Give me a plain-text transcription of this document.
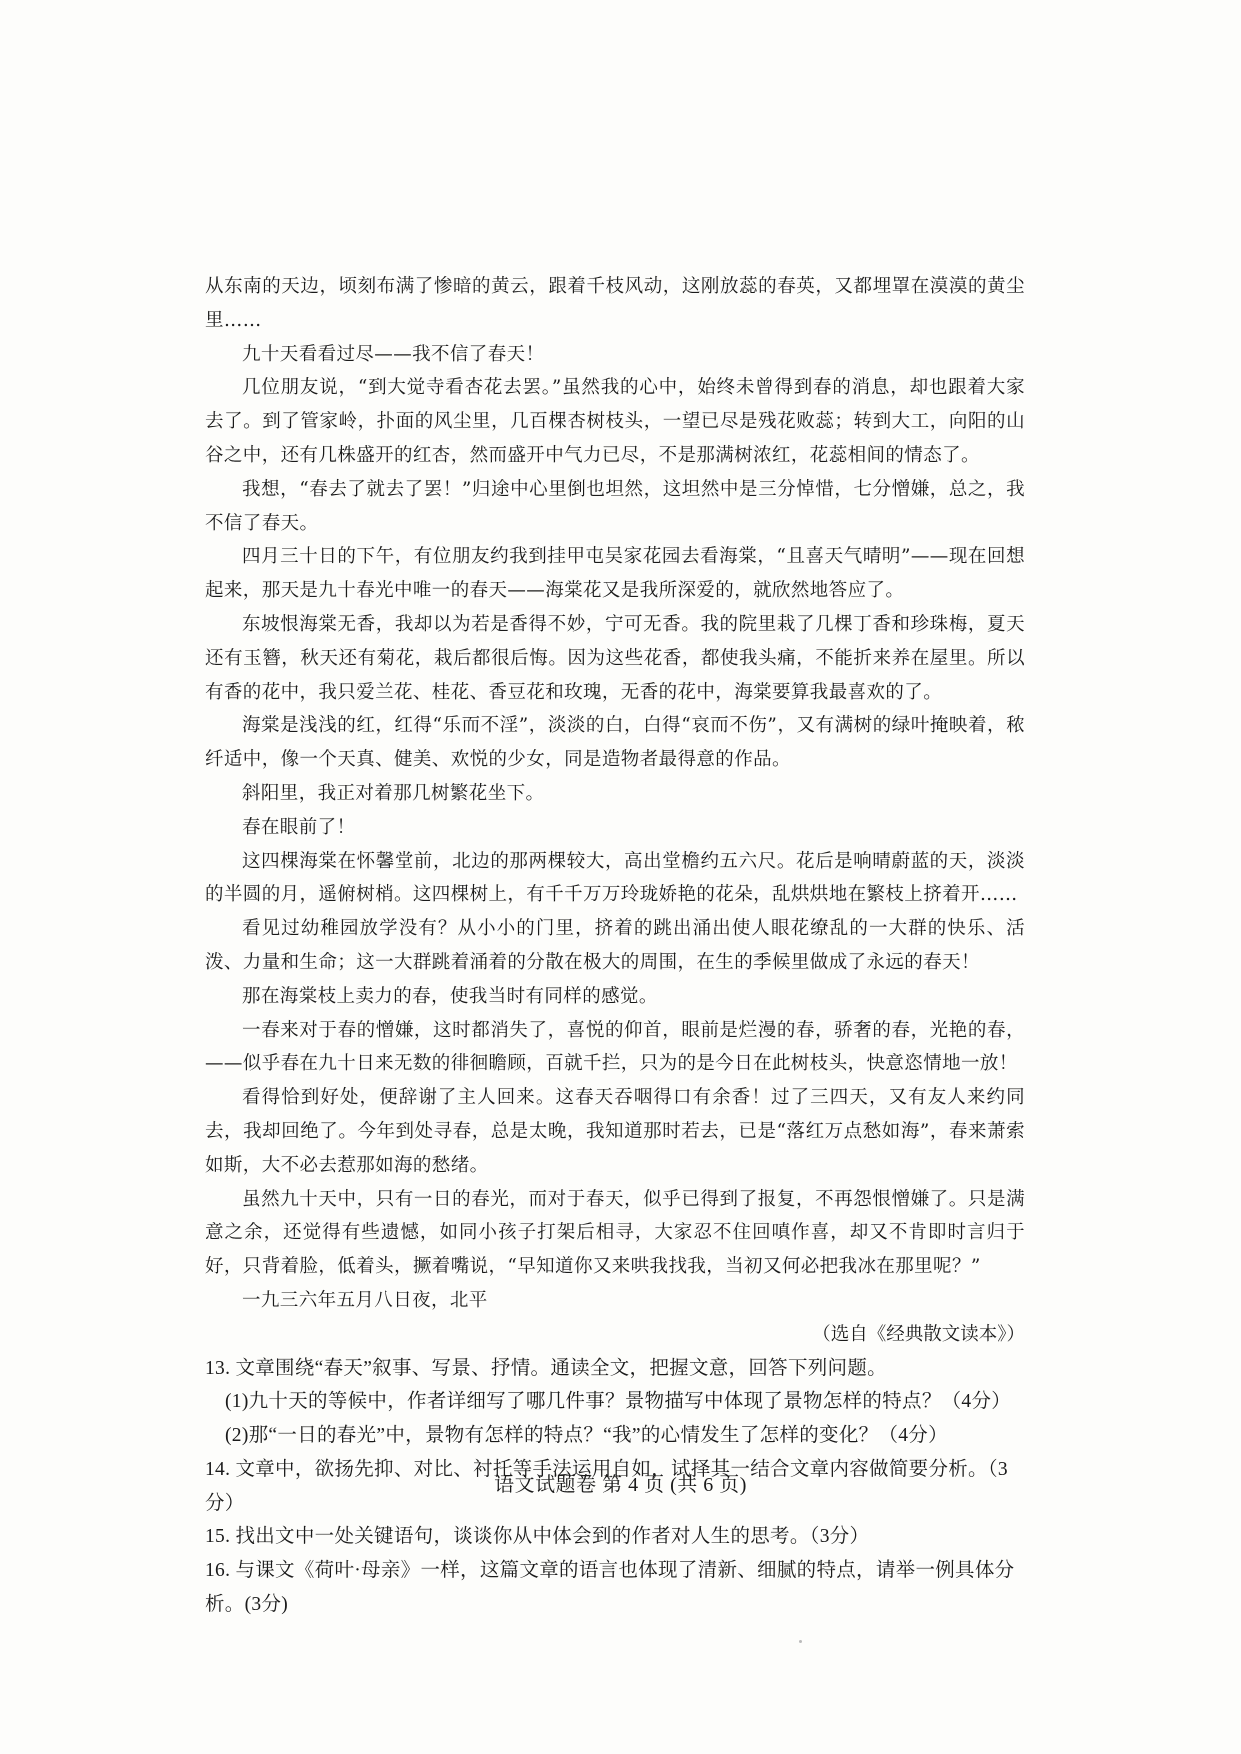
从东南的天边，顷刻布满了惨暗的黄云，跟着千枝风动，这刚放蕊的春英，又都埋罩在漠漠的黄尘里……

九十天看看过尽——我不信了春天！

几位朋友说，“到大觉寺看杏花去罢。”虽然我的心中，始终未曾得到春的消息，却也跟着大家去了。到了管家岭，扑面的风尘里，几百棵杏树枝头，一望已尽是残花败蕊；转到大工，向阳的山谷之中，还有几株盛开的红杏，然而盛开中气力已尽，不是那满树浓红，花蕊相间的情态了。

我想，“春去了就去了罢！”归途中心里倒也坦然，这坦然中是三分悼惜，七分憎嫌，总之，我不信了春天。

四月三十日的下午，有位朋友约我到挂甲屯吴家花园去看海棠，“且喜天气晴明”——现在回想起来，那天是九十春光中唯一的春天——海棠花又是我所深爱的，就欣然地答应了。

东坡恨海棠无香，我却以为若是香得不妙，宁可无香。我的院里栽了几棵丁香和珍珠梅，夏天还有玉簪，秋天还有菊花，栽后都很后悔。因为这些花香，都使我头痛，不能折来养在屋里。所以有香的花中，我只爱兰花、桂花、香豆花和玫瑰，无香的花中，海棠要算我最喜欢的了。

海棠是浅浅的红，红得“乐而不淫”，淡淡的白，白得“哀而不伤”，又有满树的绿叶掩映着，秾纤适中，像一个天真、健美、欢悦的少女，同是造物者最得意的作品。

斜阳里，我正对着那几树繁花坐下。

春在眼前了！

这四棵海棠在怀馨堂前，北边的那两棵较大，高出堂檐约五六尺。花后是响晴蔚蓝的天，淡淡的半圆的月，遥俯树梢。这四棵树上，有千千万万玲珑娇艳的花朵，乱烘烘地在繁枝上挤着开……

看见过幼稚园放学没有？从小小的门里，挤着的跳出涌出使人眼花缭乱的一大群的快乐、活泼、力量和生命；这一大群跳着涌着的分散在极大的周围，在生的季候里做成了永远的春天！

那在海棠枝上卖力的春，使我当时有同样的感觉。

一春来对于春的憎嫌，这时都消失了，喜悦的仰首，眼前是烂漫的春，骄奢的春，光艳的春，——似乎春在九十日来无数的徘徊瞻顾，百就千拦，只为的是今日在此树枝头，快意恣情地一放！

看得恰到好处，便辞谢了主人回来。这春天吞咽得口有余香！过了三四天，又有友人来约同去，我却回绝了。今年到处寻春，总是太晚，我知道那时若去，已是“落红万点愁如海”，春来萧索如斯，大不必去惹那如海的愁绪。

虽然九十天中，只有一日的春光，而对于春天，似乎已得到了报复，不再怨恨憎嫌了。只是满意之余，还觉得有些遗憾，如同小孩子打架后相寻，大家忍不住回嗔作喜，却又不肯即时言归于好，只背着脸，低着头，撅着嘴说，“早知道你又来哄我找我，当初又何必把我冰在那里呢？”

一九三六年五月八日夜，北平

（选自《经典散文读本》）

13. 文章围绕“春天”叙事、写景、抒情。通读全文，把握文意，回答下列问题。

(1)九十天的等候中，作者详细写了哪几件事？景物描写中体现了景物怎样的特点？（4分）

(2)那“一日的春光”中，景物有怎样的特点？“我”的心情发生了怎样的变化？（4分）

14. 文章中，欲扬先抑、对比、衬托等手法运用自如，试择其一结合文章内容做简要分析。（3分）

15. 找出文中一处关键语句，谈谈你从中体会到的作者对人生的思考。（3分）

16. 与课文《荷叶·母亲》一样，这篇文章的语言也体现了清新、细腻的特点，请举一例具体分析。(3分)

语文试题卷 第 4 页 (共 6 页)
